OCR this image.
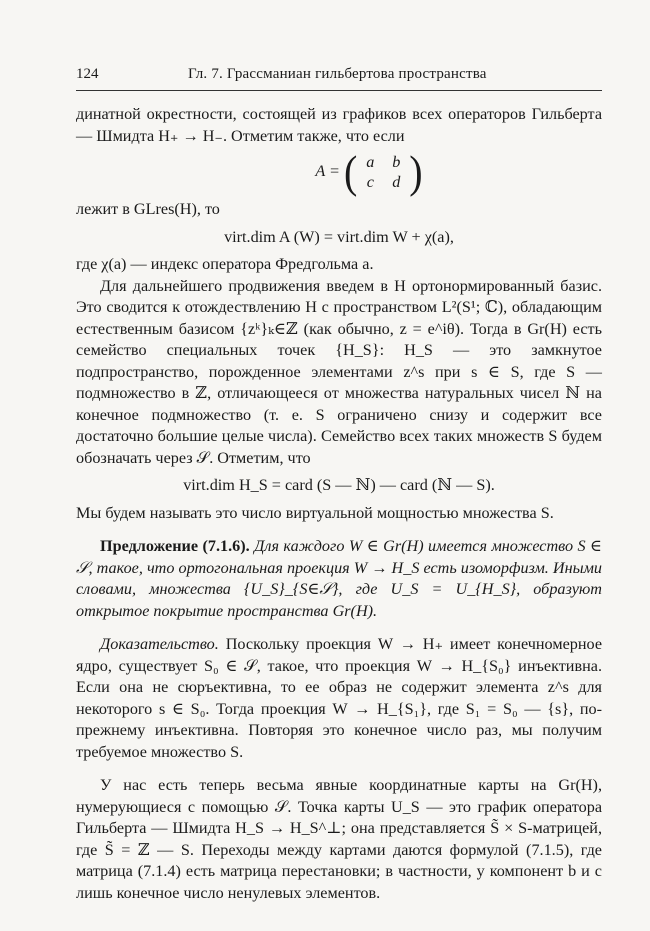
124	Гл. 7. Грассманиан гильбертова пространства

динатной окрестности, состоящей из графиков всех операторов Гильберта — Шмидта H₊ → H₋. Отметим также, что если

A = ( a	b
c	d )

лежит в GLres(H), то

virt.dim A (W) = virt.dim W + χ(a),

где χ(a) — индекс оператора Фредгольма a.

Для дальнейшего продвижения введем в H ортонормированный базис. Это сводится к отождествлению H с пространством L²(S¹; ℂ), обладающим естественным базисом {zᵏ}ₖ∈ℤ (как обычно, z = e^iθ). Тогда в Gr(H) есть семейство специальных точек {H_S}: H_S — это замкнутое подпространство, порожденное элементами z^s при s ∈ S, где S — подмножество в ℤ, отличающееся от множества натуральных чисел ℕ на конечное подмножество (т. е. S ограничено снизу и содержит все достаточно большие целые числа). Семейство всех таких множеств S будем обозначать через 𝒮. Отметим, что

virt.dim H_S = card (S — ℕ) — card (ℕ — S).

Мы будем называть это число виртуальной мощностью множества S.

Предложение (7.1.6). Для каждого W ∈ Gr(H) имеется множество S ∈ 𝒮, такое, что ортогональная проекция W → H_S есть изоморфизм. Иными словами, множества {U_S}_{S∈𝒮}, где U_S = U_{H_S}, образуют открытое покрытие пространства Gr(H).

Доказательство. Поскольку проекция W → H₊ имеет конечномерное ядро, существует S₀ ∈ 𝒮, такое, что проекция W → H_{S₀} инъективна. Если она не сюръективна, то ее образ не содержит элемента z^s для некоторого s ∈ S₀. Тогда проекция W → H_{S₁}, где S₁ = S₀ — {s}, по-прежнему инъективна. Повторяя это конечное число раз, мы получим требуемое множество S.

У нас есть теперь весьма явные координатные карты на Gr(H), нумерующиеся с помощью 𝒮. Точка карты U_S — это график оператора Гильберта — Шмидта H_S → H_S^⊥; она представляется S̃ × S-матрицей, где S̃ = ℤ — S. Переходы между картами даются формулой (7.1.5), где матрица (7.1.4) есть матрица перестановки; в частности, у компонент b и c лишь конечное число ненулевых элементов.
